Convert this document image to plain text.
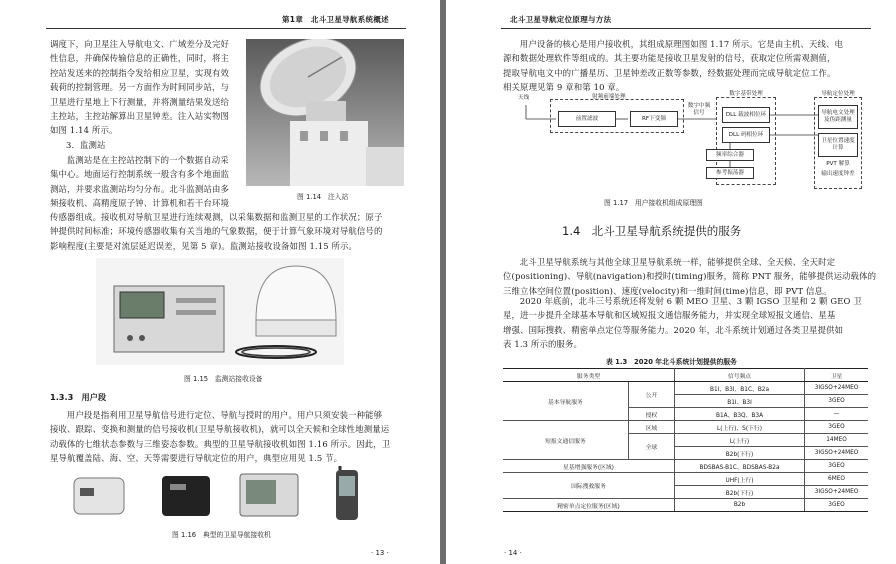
第1章　北斗卫星导航系统概述
调度下，向卫星注入导航电文、广域差分及完好
性信息，并确保传输信息的正确性，同时，将主
控站发送来的控制指令发给相应卫星，实现有效
载荷的控制管理。另一方面作为时间同步站，与
卫星进行星地上下行测量，并将测量结果发送给
主控站，主控站解算出卫星钟差。注入站实物图
如图 1.14 所示。
图 1.14　注入站
3．监测站
监测站是在主控站控制下的一个数据自动采
集中心。地面运行控制系统一般含有多个地面监
测站，并要求监测站均匀分布。北斗监测站由多
频接收机、高精度原子钟、计算机和若干台环境
传感器组成。接收机对导航卫星进行连续观测，以采集数据和监测卫星的工作状况；原子
钟提供时间标准；环境传感器收集有关当地的气象数据，便于计算气象环境对导航信号的
影响程度(主要是对流层延迟误差，见第 5 章)。监测站接收设备如图 1.15 所示。
图 1.15　监测站接收设备
1.3.3　用户段
用户段是指利用卫星导航信号进行定位、导航与授时的用户。用户只须安装一种能够
接收、跟踪、变换和测量的信号接收机(卫星导航接收机)，就可以全天候和全球性地测量运
动载体的七维状态参数与三维姿态参数。典型的卫星导航接收机如图 1.16 所示。因此，卫
星导航覆盖陆、海、空、天等需要进行导航定位的用户，典型应用见 1.5 节。
图 1.16　典型的卫星导航接收机
· 13 ·
北斗卫星导航定位原理与方法
用户设备的核心是用户接收机，其组成原理图如图 1.17 所示。它是由主机、天线、电
源和数据处理软件等组成的。其主要功能是接收卫星发射的信号，获取定位所需观测值，
提取导航电文中的广播星历、卫星钟差改正数等参数，经数据处理而完成导航定位工作。
相关原理见第 9 章和第 10 章。
天线	射频前端处理
前置滤波	RF下变频
数字中频信号
数字基带处理
DLL 载波相位环
DLL 码相位环
频率综合器
参考振荡器
导航定位处理
导航电文处理及伪距测量
卫星位置速度计算
PVT 解算
输出速度钟差
图 1.17　用户接收机组成原理图
1.4　北斗卫星导航系统提供的服务
北斗卫星导航系统与其他全球卫星导航系统一样，能够提供全球、全天候、全天时定
位(positioning)、导航(navigation)和授时(timing)服务，简称 PNT 服务，能够提供运动载体的
三维立体空间位置(position)、速度(velocity)和一维时间(time)信息，即 PVT 信息。
2020 年底前，北斗三号系统还将发射 6 颗 MEO 卫星、3 颗 IGSO 卫星和 2 颗 GEO 卫
星，进一步提升全球基本导航和区域短报文通信服务能力，并实现全球短报文通信、星基
增强、国际搜救、精密单点定位等服务能力。2020 年，北斗系统计划通过各类卫星提供如
表 1.3 所示的服务。
表 1.3　2020 年北斗系统计划提供的服务
服务类型		信号频点	卫星
基本导航服务	公开	B1I、B3I、B1C、B2a	3IGSO+24MEO
		B1I、B3I	3GEO
	授权	B1A、B3Q、B3A	—
短报文通信服务	区域	L(上行)、S(下行)	3GEO
	全球	L(上行)	14MEO
		B2b(下行)	3IGSO+24MEO
星基增强服务(区域)		BDSBAS-B1C、BDSBAS-B2a	3GEO
国际搜救服务		UHF(上行)	6MEO
		B2b(下行)	3IGSO+24MEO
精密单点定位服务(区域)		B2b	3GEO
· 14 ·
